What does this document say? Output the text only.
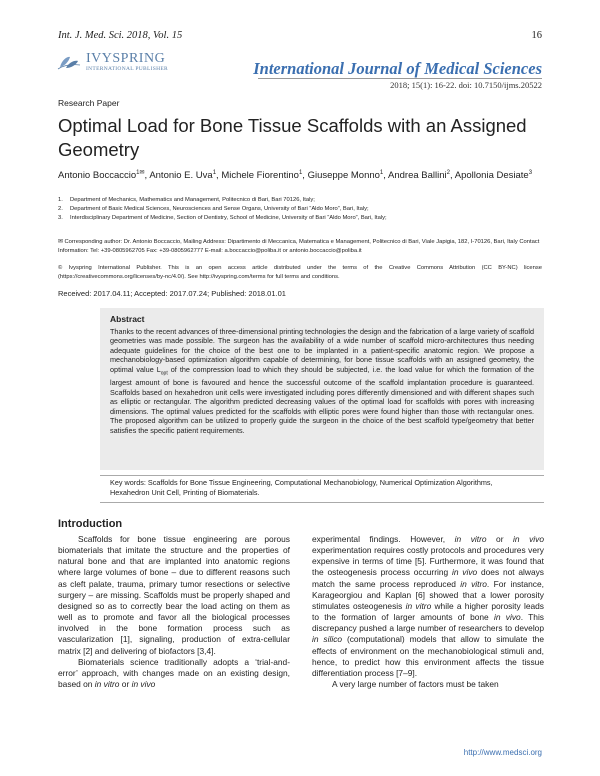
Int. J. Med. Sci. 2018, Vol. 15	16
IVYSPRING
INTERNATIONAL PUBLISHER	International Journal of Medical Sciences
2018; 15(1): 16-22. doi: 10.7150/ijms.20522
Research Paper
Optimal Load for Bone Tissue Scaffolds with an Assigned Geometry
Antonio Boccaccio$^{1✉}$, Antonio E. Uva$^1$, Michele Fiorentino$^1$, Giuseppe Monno$^1$, Andrea Ballini$^2$, Apollonia Desiate$^3$
1.	Department of Mechanics, Mathematics and Management, Politecnico di Bari, Bari 70126, Italy;
2.	Department of Basic Medical Sciences, Neurosciences and Sense Organs, University of Bari “Aldo Moro”, Bari, Italy;
3.	Interdisciplinary Department of Medicine, Section of Dentistry, School of Medicine, University of Bari “Aldo Moro”, Bari, Italy;
✉ Corresponding author: Dr. Antonio Boccaccio, Mailing Address: Dipartimento di Meccanica, Matematica e Management, Politecnico di Bari, Viale Japigia, 182, I-70126, Bari, Italy Contact Information: Tel: +39-0805962705 Fax: +39-0805962777 E-mail: a.boccaccio@poliba.it or antonio.boccaccio@poliba.it
© Ivyspring International Publisher. This is an open access article distributed under the terms of the Creative Commons Attribution (CC BY-NC) license (https://creativecommons.org/licenses/by-nc/4.0/). See http://ivyspring.com/terms for full terms and conditions.
Received: 2017.04.11; Accepted: 2017.07.24; Published: 2018.01.01
Abstract
Thanks to the recent advances of three-dimensional printing technologies the design and the fabrication of a large variety of scaffold geometries was made possible. The surgeon has the availability of a wide number of scaffold micro-architectures thus needing adequate guidelines for the choice of the best one to be implanted in a patient-specific anatomic region. We propose a mechanobiology-based optimization algorithm capable of determining, for bone tissue scaffolds with an assigned geometry, the optimal value $L_{opt}$ of the compression load to which they should be subjected, i.e. the load value for which the formation of the largest amount of bone is favoured and hence the successful outcome of the scaffold implantation procedure is guaranteed. Scaffolds based on hexahedron unit cells were investigated including pores differently dimensioned and with different shapes such as elliptic or rectangular. The algorithm predicted decreasing values of the optimal load for scaffolds with pores with increasing dimensions. The optimal values predicted for the scaffolds with elliptic pores were found higher than those with rectangular ones. The proposed algorithm can be utilized to properly guide the surgeon in the choice of the best scaffold type/geometry that better satisfies the specific patient requirements.
Key words: Scaffolds for Bone Tissue Engineering, Computational Mechanobiology, Numerical Optimization Algorithms, Hexahedron Unit Cell, Printing of Biomaterials.
Introduction

Scaffolds for bone tissue engineering are porous biomaterials that imitate the structure and the properties of natural bone and that are implanted into anatomic regions where large volumes of bone – due to different reasons such as cleft palate, trauma, primary tumor resections or selective surgery – are missing. Scaffolds must be properly shaped and designed so as to correctly bear the load acting on them as well as to promote and favor all the biological processes involved in the bone formation process such as vascularization [1], signaling, production of extra-cellular matrix [2] and delivering of biofactors [3,4].

Biomaterials science traditionally adopts a ‘trial-and-error’ approach, with changes made on an existing design, based on in vitro or in vivo

experimental findings. However, in vitro or in vivo experimentation requires costly protocols and procedures very expensive in terms of time [5]. Furthermore, it was found that the osteogenesis process occurring in vivo does not always match the same process reproduced in vitro. For instance, Karageorgiou and Kaplan [6] showed that a lower porosity stimulates osteogenesis in vitro while a higher porosity leads to the formation of larger amounts of bone in vivo. This discrepancy pushed a large number of researchers to develop in silico (computational) models that allow to simulate the effects of environment on the mechanobiological stimuli and, hence, to predict how this environment affects the tissue differentiation process [7–9].

A very large number of factors must be taken

http://www.medsci.org
